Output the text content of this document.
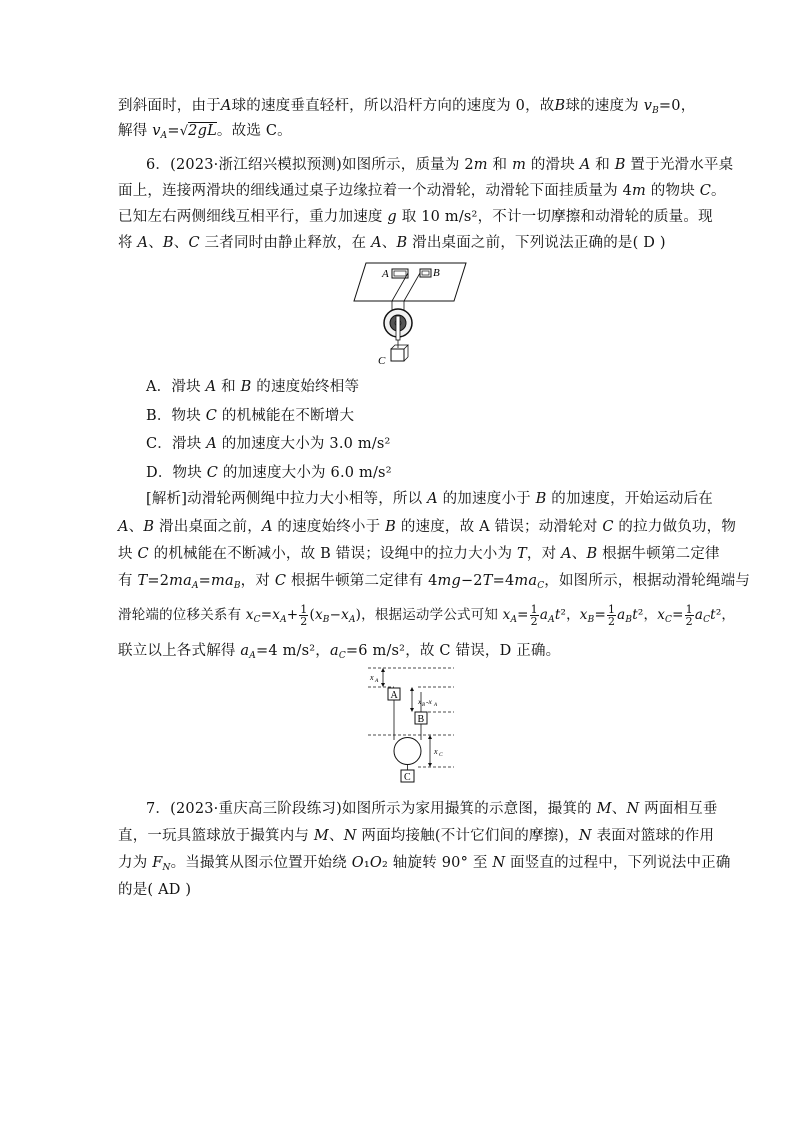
到斜面时，由于A球的速度垂直轻杆，所以沿杆方向的速度为 0，故B球的速度为 $v_B=0$，
解得 $v_A=√2gL$。故选 C。
6．(2023·浙江绍兴模拟预测)如图所示，质量为 2m 和 m 的滑块 A 和 B 置于光滑水平桌
面上，连接两滑块的细线通过桌子边缘拉着一个动滑轮，动滑轮下面挂质量为 4m 的物块 C。
已知左右两侧细线互相平行，重力加速度 g 取 10 m/s²，不计一切摩擦和动滑轮的质量。现
将 A、B、C 三者同时由静止释放，在 A、B 滑出桌面之前，下列说法正确的是( D )
A	B
C
A．滑块 A 和 B 的速度始终相等
B．物块 C 的机械能在不断增大
C．滑块 A 的加速度大小为 3.0 m/s²
D．物块 C 的加速度大小为 6.0 m/s²
[解析]动滑轮两侧绳中拉力大小相等，所以 A 的加速度小于 B 的加速度，开始运动后在
A、B 滑出桌面之前，A 的速度始终小于 B 的速度，故 A 错误；动滑轮对 C 的拉力做负功，物
块 C 的机械能在不断减小，故 B 错误；设绳中的拉力大小为 T，对 A、B 根据牛顿第二定律
有 $T=2ma_A=ma_B$，对 C 根据牛顿第二定律有 $4mg-2T=4ma_C$，如图所示，根据动滑轮绳端与
滑轮端的位移关系有 $x_C=x_A+ \frac{1}{2} (x_B-x_A)$，根据运动学公式可知 $x_A= \frac{1}{2} a_At^2$，$x_B= \frac{1}{2} a_Bt^2$，$x_C= \frac{1}{2} a_Ct^2$，
联立以上各式解得 $a_A=4$ m/s²，$a_C=6$ m/s²，故 C 错误，D 正确。
x A
A
B
x B -x A
C
x C
7．(2023·重庆高三阶段练习)如图所示为家用撮箕的示意图，撮箕的 M、N 两面相互垂
直，一玩具篮球放于撮箕内与 M、N 两面均接触(不计它们间的摩擦)，N 表面对篮球的作用
力为 $F_N$。当撮箕从图示位置开始绕 O₁O₂ 轴旋转 90° 至 N 面竖直的过程中，下列说法中正确
的是( AD )
